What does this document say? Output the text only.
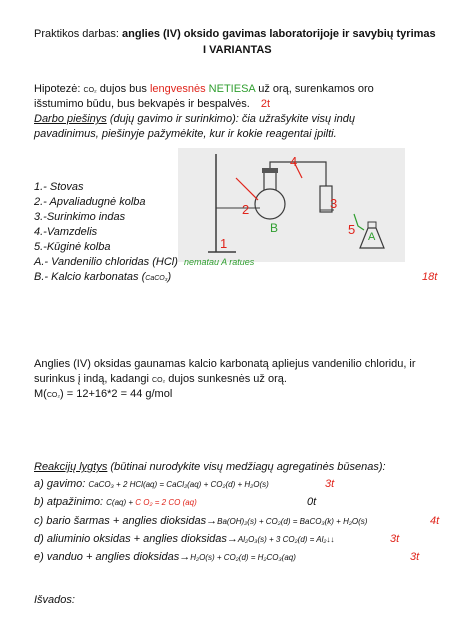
Praktikos darbas: anglies (IV) oksido gavimas laboratorijoje ir savybių tyrimas
I VARIANTAS
Hipotezė: CO₂ dujos bus lengvesnės NETIESA už orą, surenkamos oro
išstumimo būdu, bus bekvapės ir bespalvės. 2t
Darbo piešinys (dujų gavimo ir surinkimo): čia užrašykite visų indų
pavadinimus, piešinyje pažymėkite, kur ir kokie reagentai įpilti.
4
2
B
3
5 A
1
1.- Stovas
2.- Apvaliadugnė kolba
3.-Surinkimo indas
4.-Vamzdelis
5.-Kūginė kolba
A.- Vandenilio chloridas (HCl) nematau A ratues
B.- Kalcio karbonatas (CaCO₃)	18t
Anglies (IV) oksidas gaunamas kalcio karbonatą apliejus vandenilio chloridu, ir
surinkus į indą, kadangi CO₂ dujos sunkesnės už orą.
M(CO₂) = 12+16*2 = 44 g/mol
Reakcijų lygtys (būtinai nurodykite visų medžiagų agregatinės būsenas):
a) gavimo: CaCO₃ + 2 HCl(aq) = CaCl₂(aq) + CO₂(d) + H₂O(s)	3t
b) atpažinimo: C(aq) + C O₂ = 2 CO (aq)	0t
c) bario šarmas + anglies dioksidas→Ba(OH)₂(s) + CO₂(d) = BaCO₃(k) + H₂O(s)	4t
d) aliuminio oksidas + anglies dioksidas→Al₂O₃(s) + 3 CO₂(d) = Al₂↓↓	3t
e) vanduo + anglies dioksidas→H₂O(s) + CO₂(d) = H₂CO₃(aq)	3t
Išvados:
